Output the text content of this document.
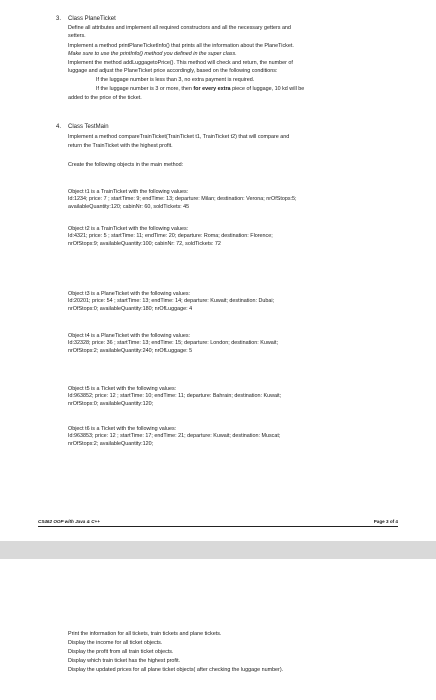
3. Class PlaneTicket
Define all attributes and implement all required constructors and all the necessary getters and
setters.
Implement a method printPlaneTicketInfo() that prints all the information about the PlaneTicket.
Make sure to use the printInfo() method you defined in the super class.
Implement the method addLuggagetoPrice(). This method will check and return, the number of
luggage and adjust the PlaneTicket price accordingly, based on the following conditions:
If the luggage number is less than 3, no extra payment is required.
If the luggage number is 3 or more, then for every extra piece of luggage, 10 kd will be
added to the price of the ticket.
4. Class TestMain
Implement a method compareTrainTicket(TrainTicket t1, TrainTicket t2) that will compare and
return the TrainTicket with the highest profit.
Create the following objects in the main method:
Object t1 is a TrainTicket with the following values:
Id:1234; price: 7 ; startTime: 9; endTime: 13; departure: Milan; destination: Verona; nrOfStops:5;
availableQuantity:120; cabinNr: 60, soldTickets: 45
Object t2 is a TrainTicket with the following values:
Id:4321; price: 5 ; startTime: 11; endTime: 20; departure: Roma; destination: Florence;
nrOfStops:9; availableQuantity:100; cabinNr: 72, soldTickets: 72
Object t3 is a PlaneTicket with the following values:
Id:20201; price: 54 ; startTime: 13; endTime: 14; departure: Kuwait; destination: Dubai;
nrOfStops:0; availableQuantity:180; nrOfLuggage: 4
Object t4 is a PlaneTicket with the following values:
Id:32328; price: 36 ; startTime: 13; endTime: 15; departure: London; destination: Kuwait;
nrOfStops:2; availableQuantity:240; nrOfLuggage: 5
Object t5 is a Ticket with the following values:
Id:963852; price: 12 ; startTime: 10; endTime: 11; departure: Bahrain; destination: Kuwait;
nrOfStops:0; availableQuantity:120;
Object t6 is a Ticket with the following values:
Id:963853; price: 12 ; startTime: 17; endTime: 21; departure: Kuwait; destination: Muscat;
nrOfStops:2; availableQuantity:120;
CS462 OOP with Java & C++	Page 3 of 4
Print the information for all tickets, train tickets and plane tickets.
Display the income for all ticket objects.
Display the profit from all train ticket objects.
Display which train ticket has the highest profit.
Display the updated prices for all plane ticket objects( after checking the luggage number).
